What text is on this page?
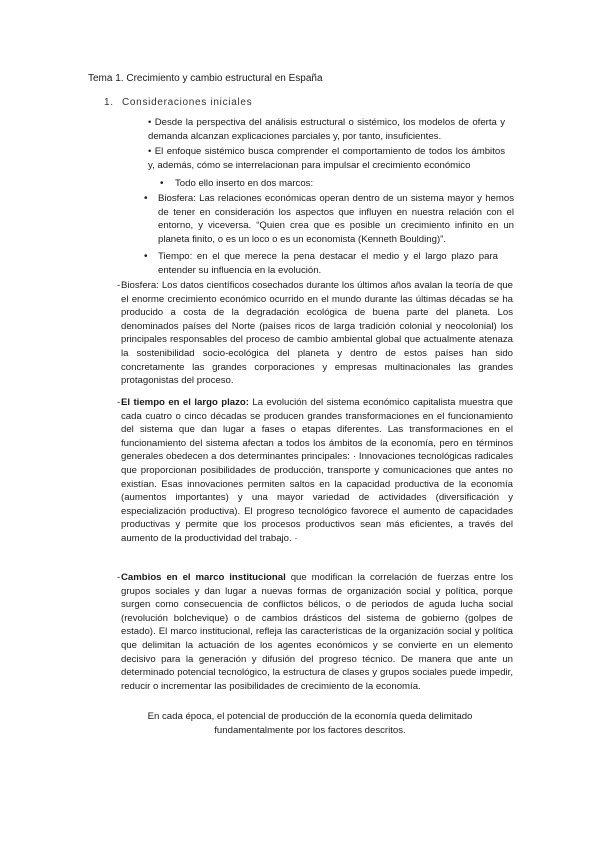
Tema 1. Crecimiento y cambio estructural en España
1. Consideraciones iniciales
• Desde la perspectiva del análisis estructural o sistémico, los modelos de oferta y demanda alcanzan explicaciones parciales y, por tanto, insuficientes.
• El enfoque sistémico busca comprender el comportamiento de todos los ámbitos y, además, cómo se interrelacionan para impulsar el crecimiento económico
• Todo ello inserto en dos marcos:
• Biosfera: Las relaciones económicas operan dentro de un sistema mayor y hemos de tener en consideración los aspectos que influyen en nuestra relación con el entorno, y viceversa. “Quien crea que es posible un crecimiento infinito en un planeta finito, o es un loco o es un economista (Kenneth Boulding)”.
• Tiempo: en el que merece la pena destacar el medio y el largo plazo para entender su influencia en la evolución.
- Biosfera: Los datos científicos cosechados durante los últimos años avalan la teoría de que el enorme crecimiento económico ocurrido en el mundo durante las últimas décadas se ha producido a costa de la degradación ecológica de buena parte del planeta. Los denominados países del Norte (países ricos de larga tradición colonial y neocolonial) los principales responsables del proceso de cambio ambiental global que actualmente atenaza la sostenibilidad socio-ecológica del planeta y dentro de estos países han sido concretamente las grandes corporaciones y empresas multinacionales las grandes protagonistas del proceso.
- El tiempo en el largo plazo: La evolución del sistema económico capitalista muestra que cada cuatro o cinco décadas se producen grandes transformaciones en el funcionamiento del sistema que dan lugar a fases o etapas diferentes. Las transformaciones en el funcionamiento del sistema afectan a todos los ámbitos de la economía, pero en términos generales obedecen a dos determinantes principales: · Innovaciones tecnológicas radicales que proporcionan posibilidades de producción, transporte y comunicaciones que antes no existían. Esas innovaciones permiten saltos en la capacidad productiva de la economía (aumentos importantes) y una mayor variedad de actividades (diversificación y especialización productiva). El progreso tecnológico favorece el aumento de capacidades productivas y permite que los procesos productivos sean más eficientes, a través del aumento de la productividad del trabajo. ·
- Cambios en el marco institucional que modifican la correlación de fuerzas entre los grupos sociales y dan lugar a nuevas formas de organización social y política, porque surgen como consecuencia de conflictos bélicos, o de periodos de aguda lucha social (revolución bolchevique) o de cambios drásticos del sistema de gobierno (golpes de estado). El marco institucional, refleja las características de la organización social y política que delimitan la actuación de los agentes económicos y se convierte en un elemento decisivo para la generación y difusión del progreso técnico. De manera que ante un determinado potencial tecnológico, la estructura de clases y grupos sociales puede impedir, reducir o incrementar las posibilidades de crecimiento de la economía.
En cada época, el potencial de producción de la economía queda delimitado fundamentalmente por los factores descritos.
